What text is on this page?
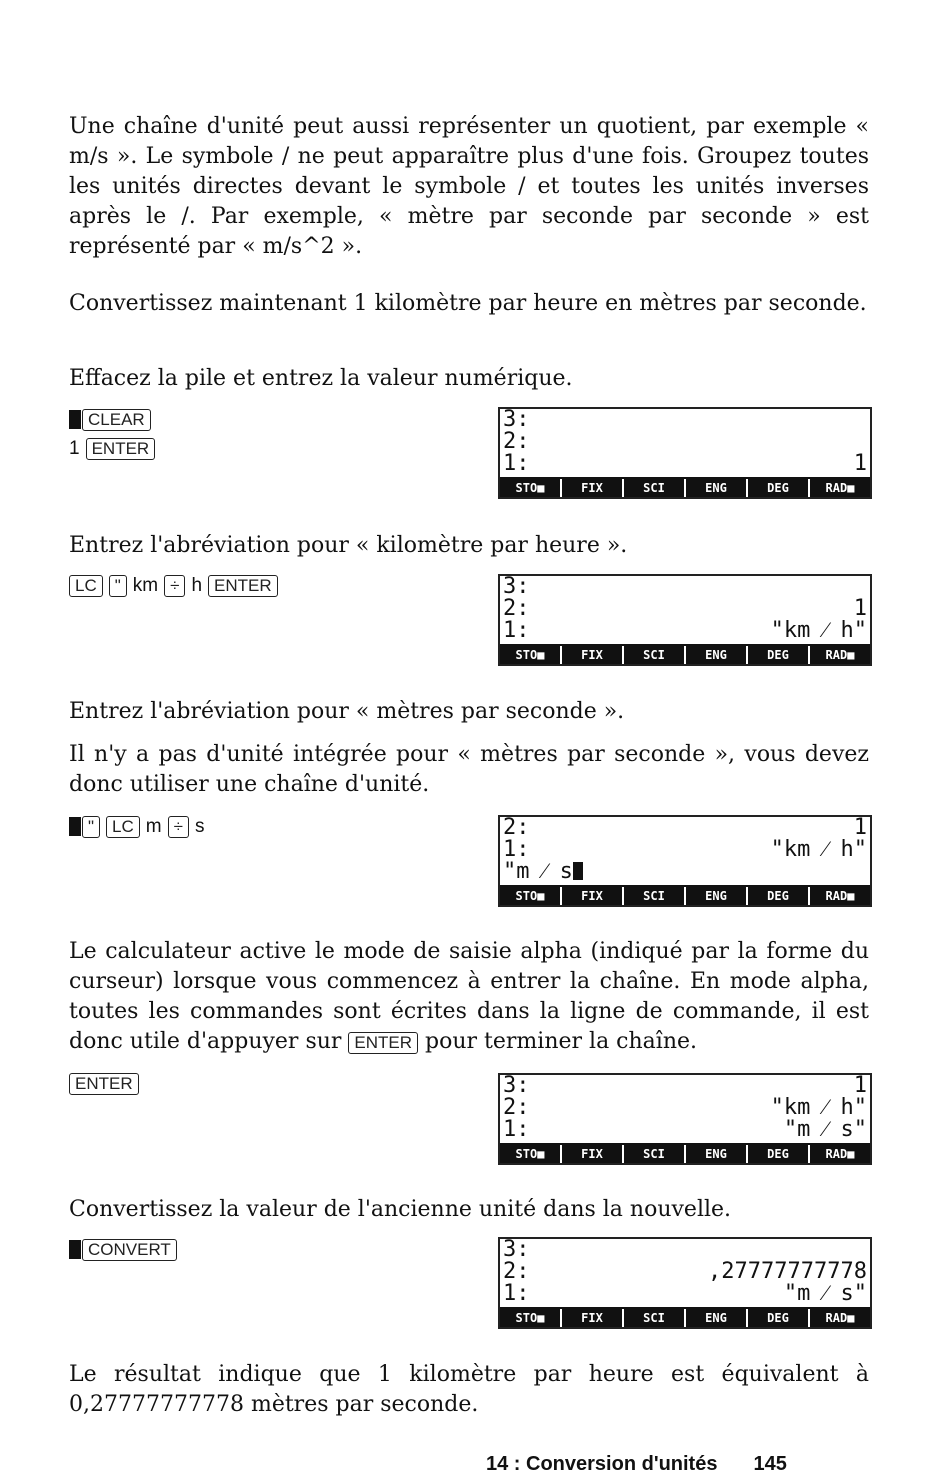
Une chaîne d'unité peut aussi représenter un quotient, par exemple « m/s ». Le symbole / ne peut apparaître plus d'une fois. Groupez toutes les unités directes devant le symbole / et toutes les unités inverses après le /. Par exemple, « mètre par seconde par seconde » est représenté par « m/s^2 ».

Convertissez maintenant 1 kilomètre par heure en mètres par seconde.

Effacez la pile et entrez la valeur numérique.

CLEAR
1 ENTER
3:
2:
1:	1
STO■	FIX	SCI	ENG	DEG	RAD■

Entrez l'abréviation pour « kilomètre par heure ».

LC	" km ÷ h ENTER	3:
2:	1
1:	"km ⁄ h"
STO■	FIX	SCI	ENG	DEG	RAD■

Entrez l'abréviation pour « mètres par seconde ».

Il n'y a pas d'unité intégrée pour « mètres par seconde », vous devez donc utiliser une chaîne d'unité.

"	LC m ÷ s	2:	1
1:	"km ⁄ h"
"m ⁄ s
STO■	FIX	SCI	ENG	DEG	RAD■

Le calculateur active le mode de saisie alpha (indiqué par la forme du curseur) lorsque vous commencez à entrer la chaîne. En mode alpha, toutes les commandes sont écrites dans la ligne de commande, il est donc utile d'appuyer sur ENTER pour terminer la chaîne.

ENTER	3:	1
2:	"km ⁄ h"
1:	"m ⁄ s"
STO■	FIX	SCI	ENG	DEG	RAD■

Convertissez la valeur de l'ancienne unité dans la nouvelle.

CONVERT	3:
2:	,27777777778
1:	"m ⁄ s"
STO■	FIX	SCI	ENG	DEG	RAD■

Le résultat indique que 1 kilomètre par heure est équivalent à 0,27777777778 mètres par seconde.

14 : Conversion d'unités 145
